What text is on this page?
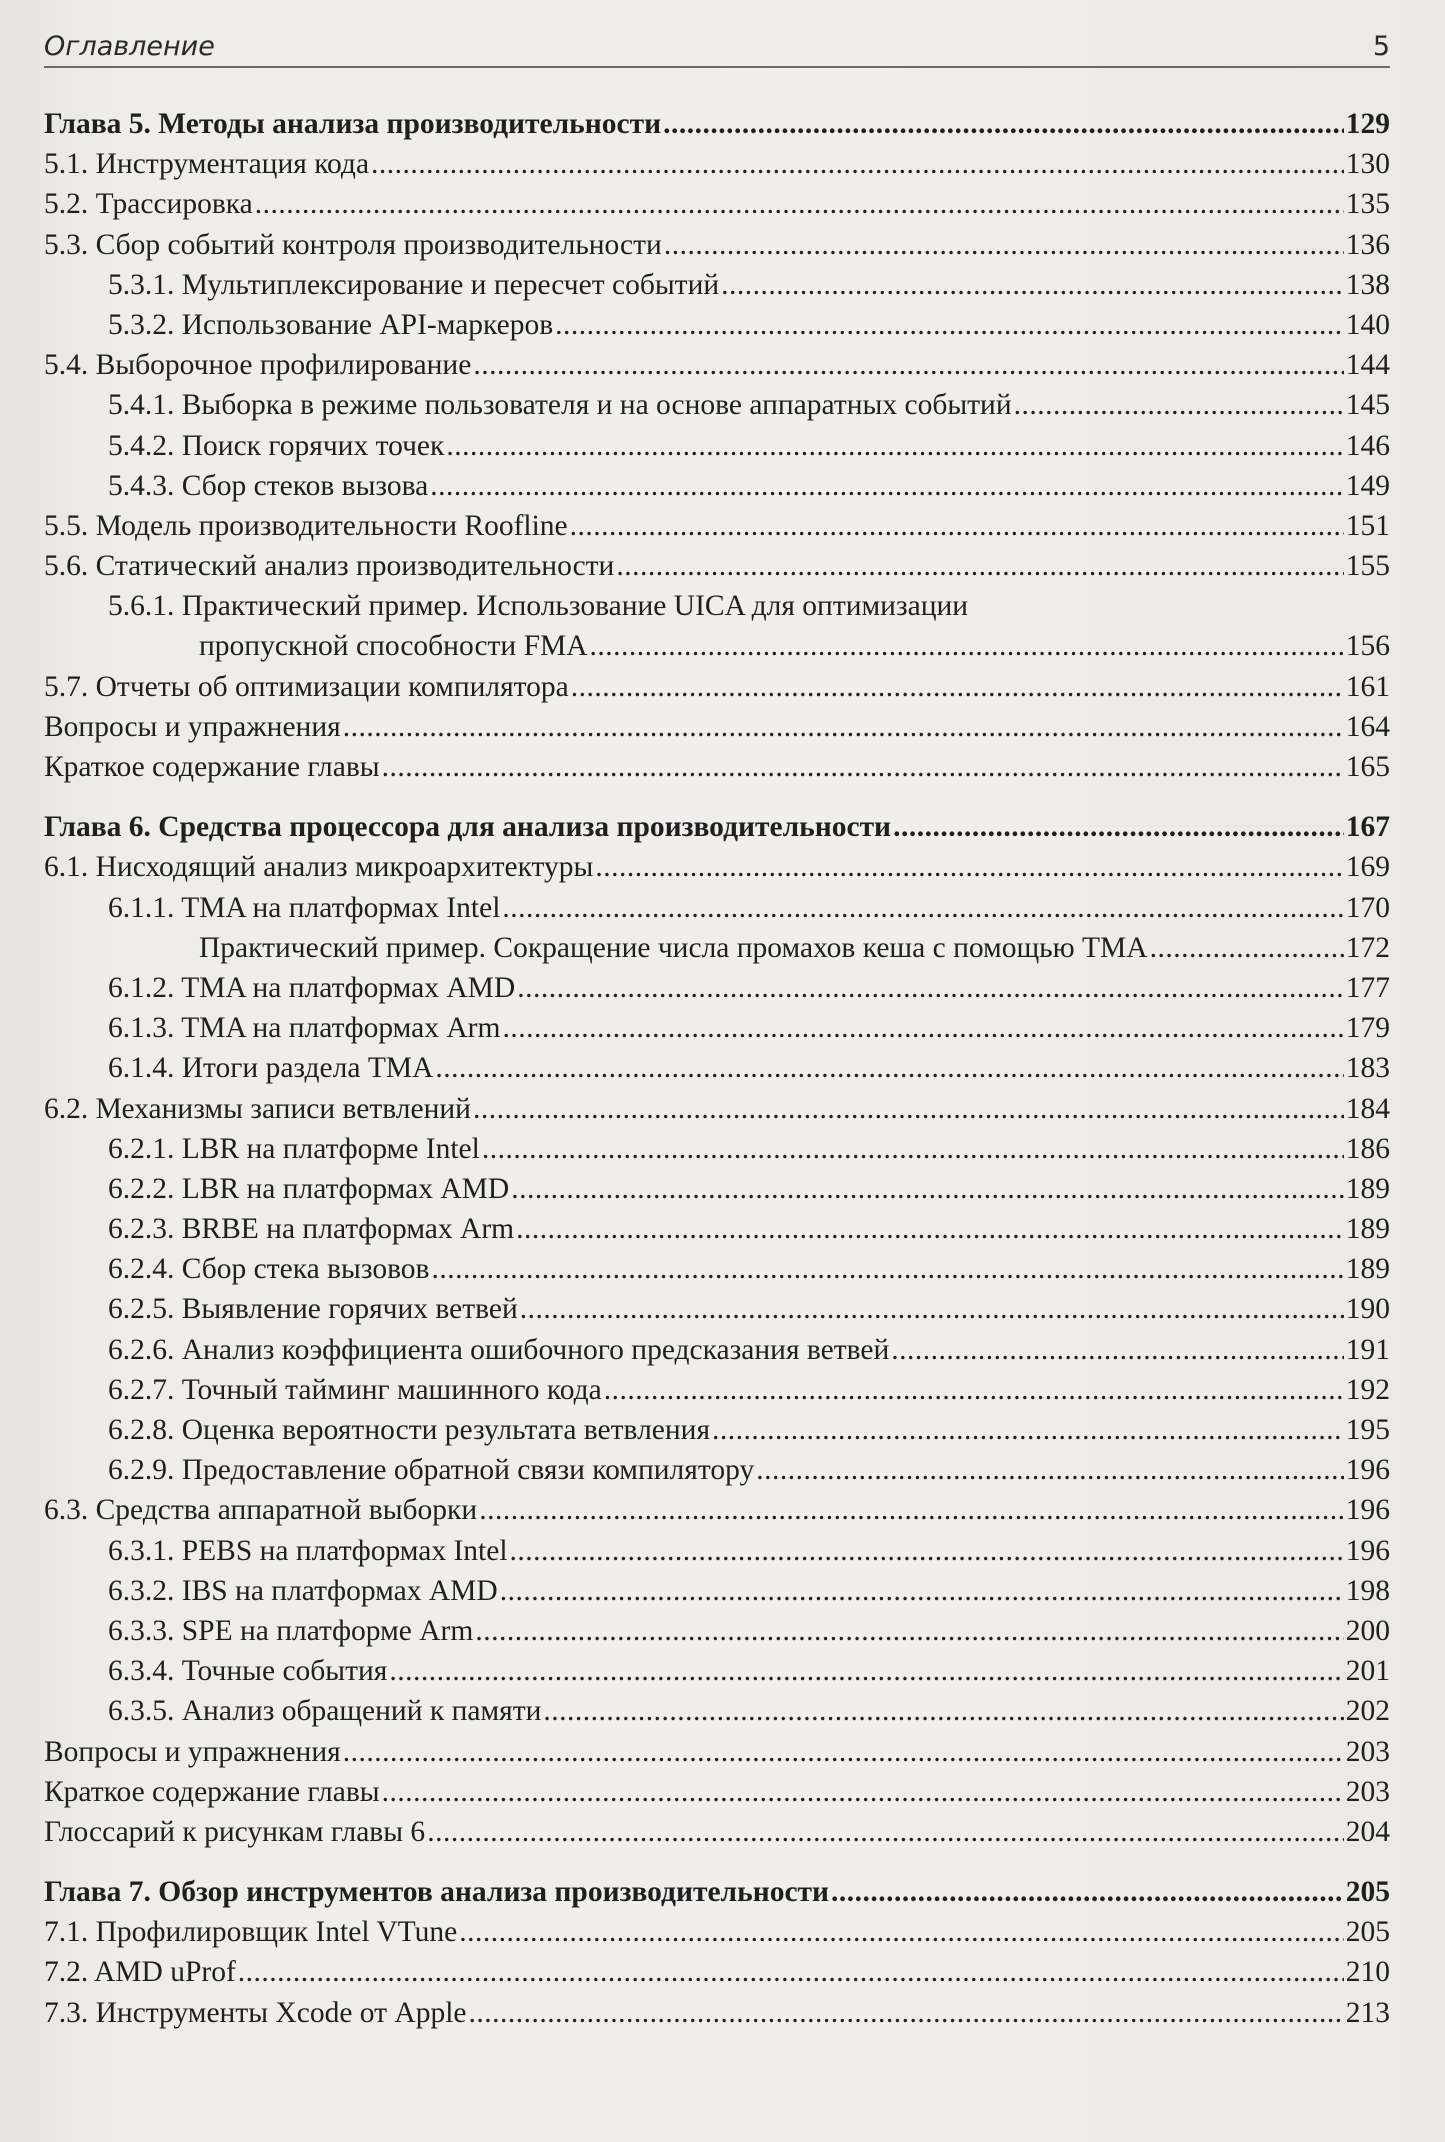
Оглавление	5
Глава 5. Методы анализа производительности .....	129
5.1. Инструментация кода .....	130
5.2. Трассировка .....	135
5.3. Сбор событий контроля производительности .....	136
5.3.1. Мультиплексирование и пересчет событий .....	138
5.3.2. Использование API-маркеров .....	140
5.4. Выборочное профилирование .....	144
5.4.1. Выборка в режиме пользователя и на основе аппаратных событий .....	145
5.4.2. Поиск горячих точек .....	146
5.4.3. Сбор стеков вызова .....	149
5.5. Модель производительности Roofline .....	151
5.6. Статический анализ производительности .....	155
5.6.1. Практический пример. Использование UICA для оптимизации
пропускной способности FMA .....	156
5.7. Отчеты об оптимизации компилятора .....	161
Вопросы и упражнения .....	164
Краткое содержание главы .....	165
Глава 6. Средства процессора для анализа производительности .....	167
6.1. Нисходящий анализ микроархитектуры .....	169
6.1.1. TMA на платформах Intel .....	170
Практический пример. Сокращение числа промахов кеша с помощью TMA .....	172
6.1.2. TMA на платформах AMD .....	177
6.1.3. TMA на платформах Arm .....	179
6.1.4. Итоги раздела TMA .....	183
6.2. Механизмы записи ветвлений .....	184
6.2.1. LBR на платформе Intel .....	186
6.2.2. LBR на платформах AMD .....	189
6.2.3. BRBE на платформах Arm .....	189
6.2.4. Сбор стека вызовов .....	189
6.2.5. Выявление горячих ветвей .....	190
6.2.6. Анализ коэффициента ошибочного предсказания ветвей .....	191
6.2.7. Точный тайминг машинного кода .....	192
6.2.8. Оценка вероятности результата ветвления .....	195
6.2.9. Предоставление обратной связи компилятору .....	196
6.3. Средства аппаратной выборки .....	196
6.3.1. PEBS на платформах Intel .....	196
6.3.2. IBS на платформах AMD .....	198
6.3.3. SPE на платформе Arm .....	200
6.3.4. Точные события .....	201
6.3.5. Анализ обращений к памяти .....	202
Вопросы и упражнения .....	203
Краткое содержание главы .....	203
Глоссарий к рисункам главы 6 .....	204
Глава 7. Обзор инструментов анализа производительности .....	205
7.1. Профилировщик Intel VTune .....	205
7.2. AMD uProf .....	210
7.3. Инструменты Xcode от Apple .....	213
